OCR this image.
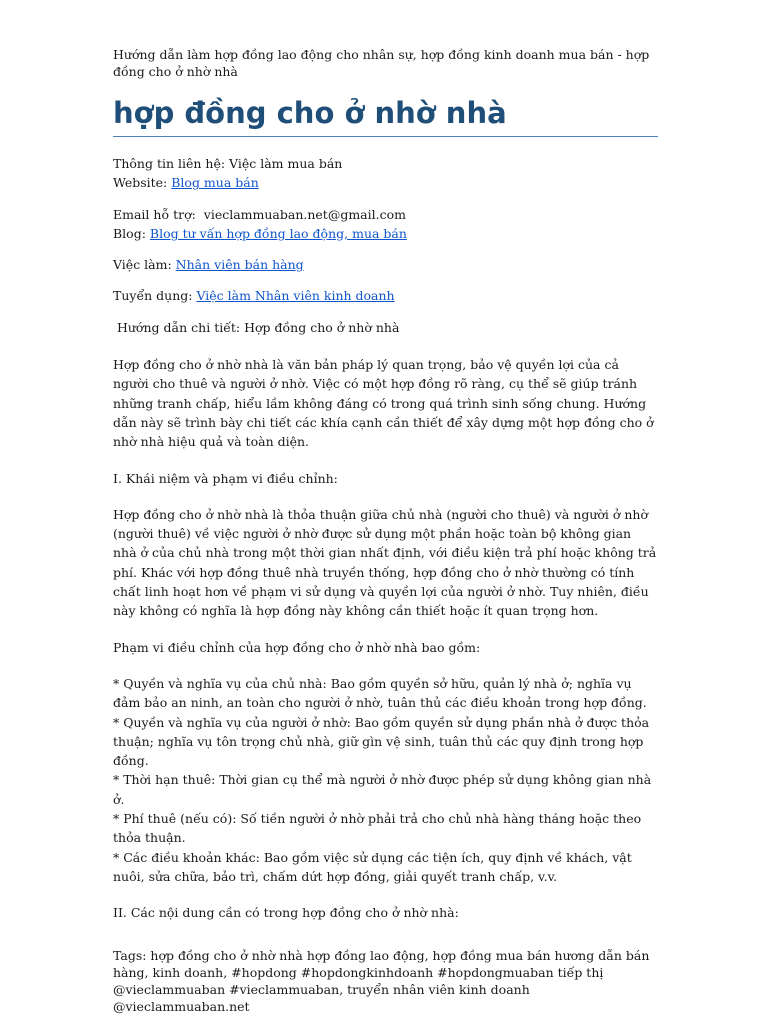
Hướng dẫn làm hợp đồng lao động cho nhân sự, hợp đồng kinh doanh mua bán - hợp đồng cho ở nhờ nhà

hợp đồng cho ở nhờ nhà

Thông tin liên hệ: Việc làm mua bán

Website: Blog mua bán

Email hỗ trợ: vieclammuaban.net@gmail.com

Blog: Blog tư vấn hợp đồng lao động, mua bán

Việc làm: Nhân viên bán hàng

Tuyển dụng: Việc làm Nhân viên kinh doanh

Hướng dẫn chi tiết: Hợp đồng cho ở nhờ nhà

Hợp đồng cho ở nhờ nhà là văn bản pháp lý quan trọng, bảo vệ quyền lợi của cả người cho thuê và người ở nhờ. Việc có một hợp đồng rõ ràng, cụ thể sẽ giúp tránh những tranh chấp, hiểu lầm không đáng có trong quá trình sinh sống chung. Hướng dẫn này sẽ trình bày chi tiết các khía cạnh cần thiết để xây dựng một hợp đồng cho ở nhờ nhà hiệu quả và toàn diện.

I. Khái niệm và phạm vi điều chỉnh:

Hợp đồng cho ở nhờ nhà là thỏa thuận giữa chủ nhà (người cho thuê) và người ở nhờ (người thuê) về việc người ở nhờ được sử dụng một phần hoặc toàn bộ không gian nhà ở của chủ nhà trong một thời gian nhất định, với điều kiện trả phí hoặc không trả phí. Khác với hợp đồng thuê nhà truyền thống, hợp đồng cho ở nhờ thường có tính chất linh hoạt hơn về phạm vi sử dụng và quyền lợi của người ở nhờ. Tuy nhiên, điều này không có nghĩa là hợp đồng này không cần thiết hoặc ít quan trọng hơn.

Phạm vi điều chỉnh của hợp đồng cho ở nhờ nhà bao gồm:

* Quyền và nghĩa vụ của chủ nhà: Bao gồm quyền sở hữu, quản lý nhà ở; nghĩa vụ đảm bảo an ninh, an toàn cho người ở nhờ, tuân thủ các điều khoản trong hợp đồng.

* Quyền và nghĩa vụ của người ở nhờ: Bao gồm quyền sử dụng phần nhà ở được thỏa thuận; nghĩa vụ tôn trọng chủ nhà, giữ gìn vệ sinh, tuân thủ các quy định trong hợp đồng.

* Thời hạn thuê: Thời gian cụ thể mà người ở nhờ được phép sử dụng không gian nhà ở.

* Phí thuê (nếu có): Số tiền người ở nhờ phải trả cho chủ nhà hàng tháng hoặc theo thỏa thuận.

* Các điều khoản khác: Bao gồm việc sử dụng các tiện ích, quy định về khách, vật nuôi, sửa chữa, bảo trì, chấm dứt hợp đồng, giải quyết tranh chấp, v.v.

II. Các nội dung cần có trong hợp đồng cho ở nhờ nhà:

Tags: hợp đồng cho ở nhờ nhà hợp đồng lao động, hợp đồng mua bán hương dẫn bán hàng, kinh doanh, #hopdong #hopdongkinhdoanh #hopdongmuaban tiếp thị @vieclammuaban #vieclammuaban, truyển nhân viên kinh doanh @vieclammuaban.net
